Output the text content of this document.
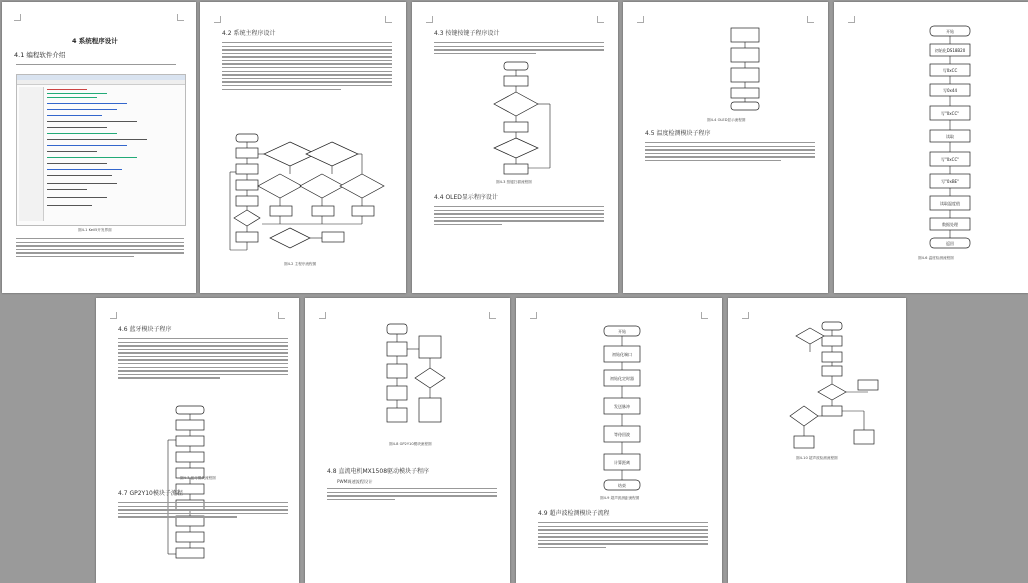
4 系统程序设计
4.1 编程软件介绍
图4-1 Keil5开发界面
4.2 系统主程序设计
图4-2 主程序流程图
4.3 按键按键子程序设计
图4-3 按键扫描流程图
4.4 OLED显示程序设计
图4-4 OLED显示流程图
4.5 温度检测模块子程序
开始
初始化DS18B20
写0xCC
写0x44
写"0xCC"
读取
写"0xCC"
写"0xBE"
读取温度值
数据处理
返回
图4-6 温度检测流程图
4.6 蓝牙模块子程序
图4-7 蓝牙模块流程图
4.7 GP2Y10模块子流程
图4-8 GP2Y10模块流程图
4.8 直流电机MX1508驱动模块子程序
PWM调速流程设计
开始
初始化端口
初始化定时器
发送脉冲
等待回波
计算距离
结束
图4-9 超声波测距流程图
4.9 超声波检测模块子流程
图4-10 超声波检测流程图
